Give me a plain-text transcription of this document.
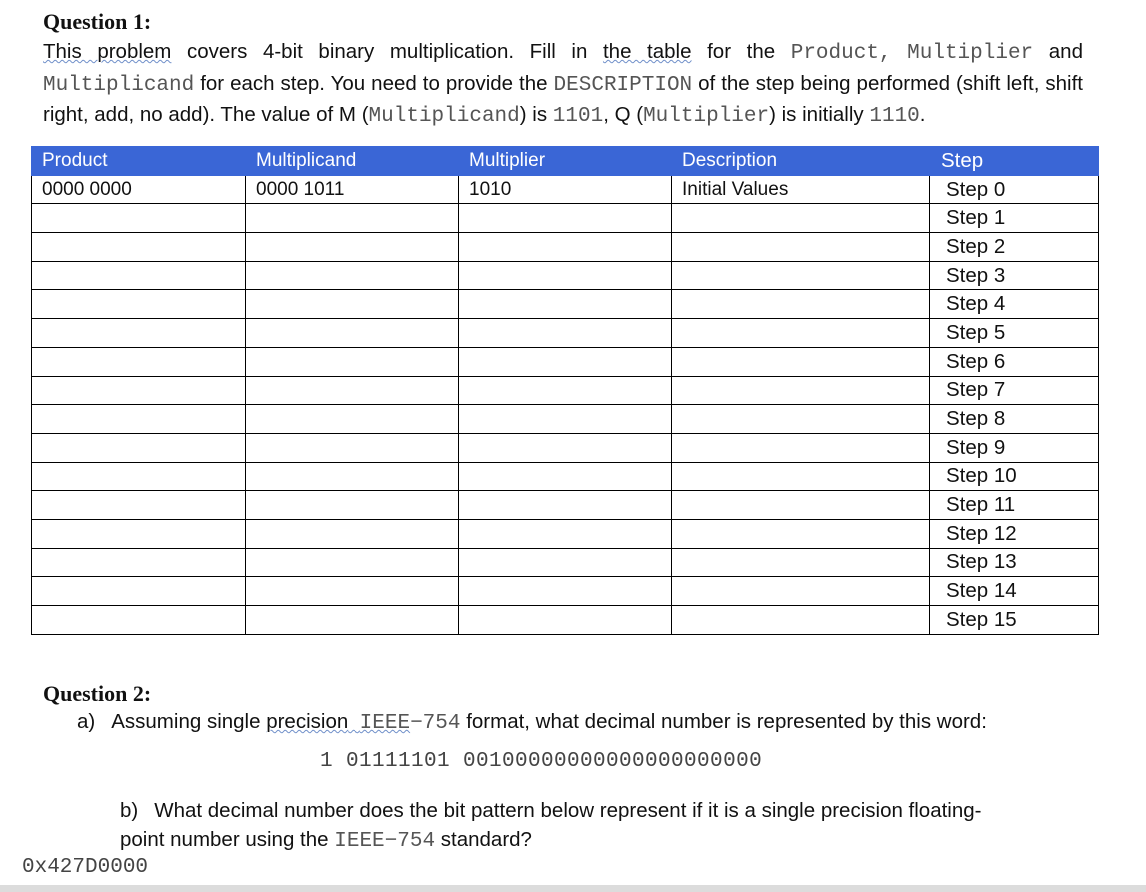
Question 1:
This problem covers 4-bit binary multiplication. Fill in the table for the Product, Multiplier and Multiplicand for each step. You need to provide the DESCRIPTION of the step being performed (shift left, shift right, add, no add). The value of M (Multiplicand) is 1101, Q (Multiplier) is initially 1110.
Product	Multiplicand	Multiplier	Description	Step
0000 0000	0000 1011	1010	Initial Values	Step 0
				Step 1
				Step 2
				Step 3
				Step 4
				Step 5
				Step 6
				Step 7
				Step 8
				Step 9
				Step 10
				Step 11
				Step 12
				Step 13
				Step 14
				Step 15
Question 2:
a) Assuming single precision IEEE−754 format, what decimal number is represented by this word:
1 01111101 00100000000000000000000
b) What decimal number does the bit pattern below represent if it is a single precision floating-
point number using the IEEE−754 standard?
0x427D0000
